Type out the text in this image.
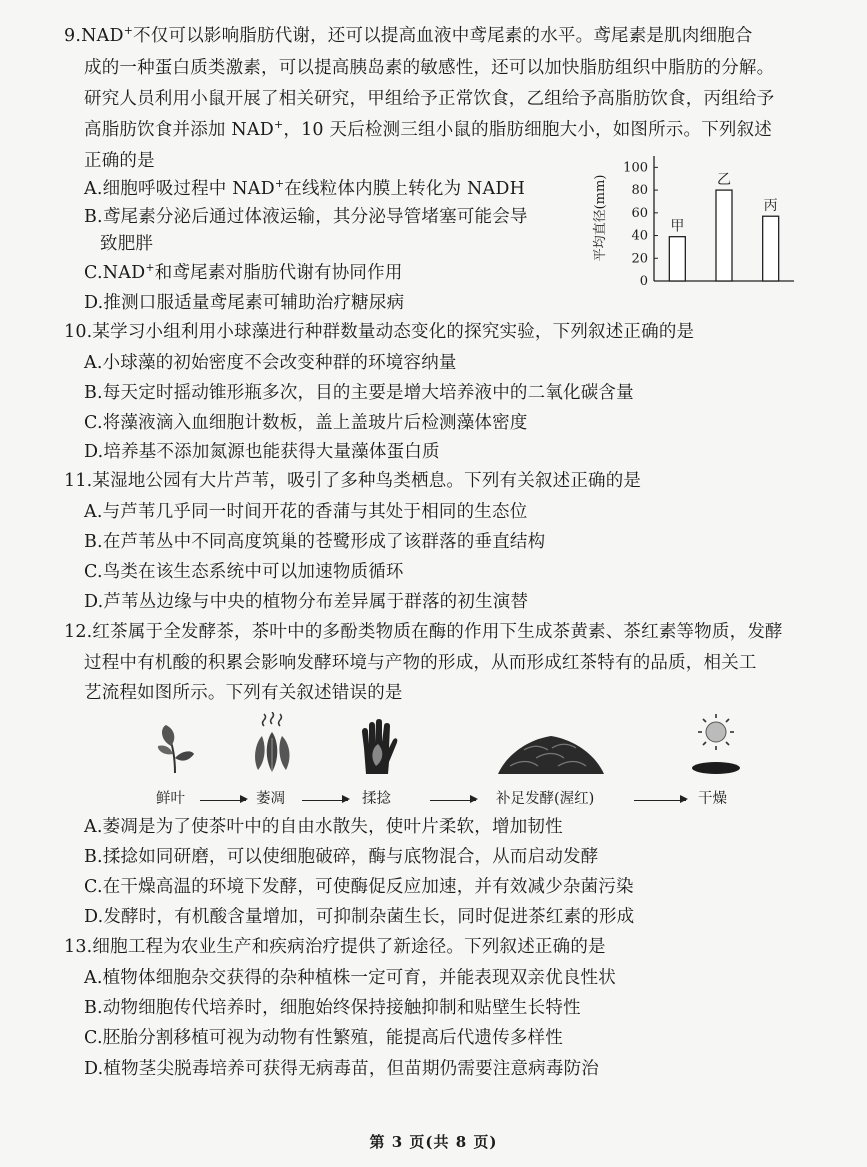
9.NAD+不仅可以影响脂肪代谢，还可以提高血液中鸢尾素的水平。鸢尾素是肌肉细胞合
成的一种蛋白质类激素，可以提高胰岛素的敏感性，还可以加快脂肪组织中脂肪的分解。
研究人员利用小鼠开展了相关研究，甲组给予正常饮食，乙组给予高脂肪饮食，丙组给予
高脂肪饮食并添加 NAD+，10 天后检测三组小鼠的脂肪细胞大小，如图所示。下列叙述
正确的是
A.细胞呼吸过程中 NAD+在线粒体内膜上转化为 NADH
B.鸢尾素分泌后通过体液运输，其分泌导管堵塞可能会导
致肥胖
C.NAD+和鸢尾素对脂肪代谢有协同作用
D.推测口服适量鸢尾素可辅助治疗糖尿病
0
20
40
60
80
100
平均直径(mm)	甲
乙
丙
10.某学习小组利用小球藻进行种群数量动态变化的探究实验，下列叙述正确的是
A.小球藻的初始密度不会改变种群的环境容纳量
B.每天定时摇动锥形瓶多次，目的主要是增大培养液中的二氧化碳含量
C.将藻液滴入血细胞计数板，盖上盖玻片后检测藻体密度
D.培养基不添加氮源也能获得大量藻体蛋白质
11.某湿地公园有大片芦苇，吸引了多种鸟类栖息。下列有关叙述正确的是
A.与芦苇几乎同一时间开花的香蒲与其处于相同的生态位
B.在芦苇丛中不同高度筑巢的苍鹭形成了该群落的垂直结构
C.鸟类在该生态系统中可以加速物质循环
D.芦苇丛边缘与中央的植物分布差异属于群落的初生演替
12.红茶属于全发酵茶，茶叶中的多酚类物质在酶的作用下生成茶黄素、茶红素等物质，发酵
过程中有机酸的积累会影响发酵环境与产物的形成，从而形成红茶特有的品质，相关工
艺流程如图所示。下列有关叙述错误的是
鲜叶	萎凋	揉捻	补足发酵(渥红)	干燥
A.萎凋是为了使茶叶中的自由水散失，使叶片柔软，增加韧性
B.揉捻如同研磨，可以使细胞破碎，酶与底物混合，从而启动发酵
C.在干燥高温的环境下发酵，可使酶促反应加速，并有效减少杂菌污染
D.发酵时，有机酸含量增加，可抑制杂菌生长，同时促进茶红素的形成
13.细胞工程为农业生产和疾病治疗提供了新途径。下列叙述正确的是
A.植物体细胞杂交获得的杂种植株一定可育，并能表现双亲优良性状
B.动物细胞传代培养时，细胞始终保持接触抑制和贴壁生长特性
C.胚胎分割移植可视为动物有性繁殖，能提高后代遗传多样性
D.植物茎尖脱毒培养可获得无病毒苗，但苗期仍需要注意病毒防治
第 3 页(共 8 页)
